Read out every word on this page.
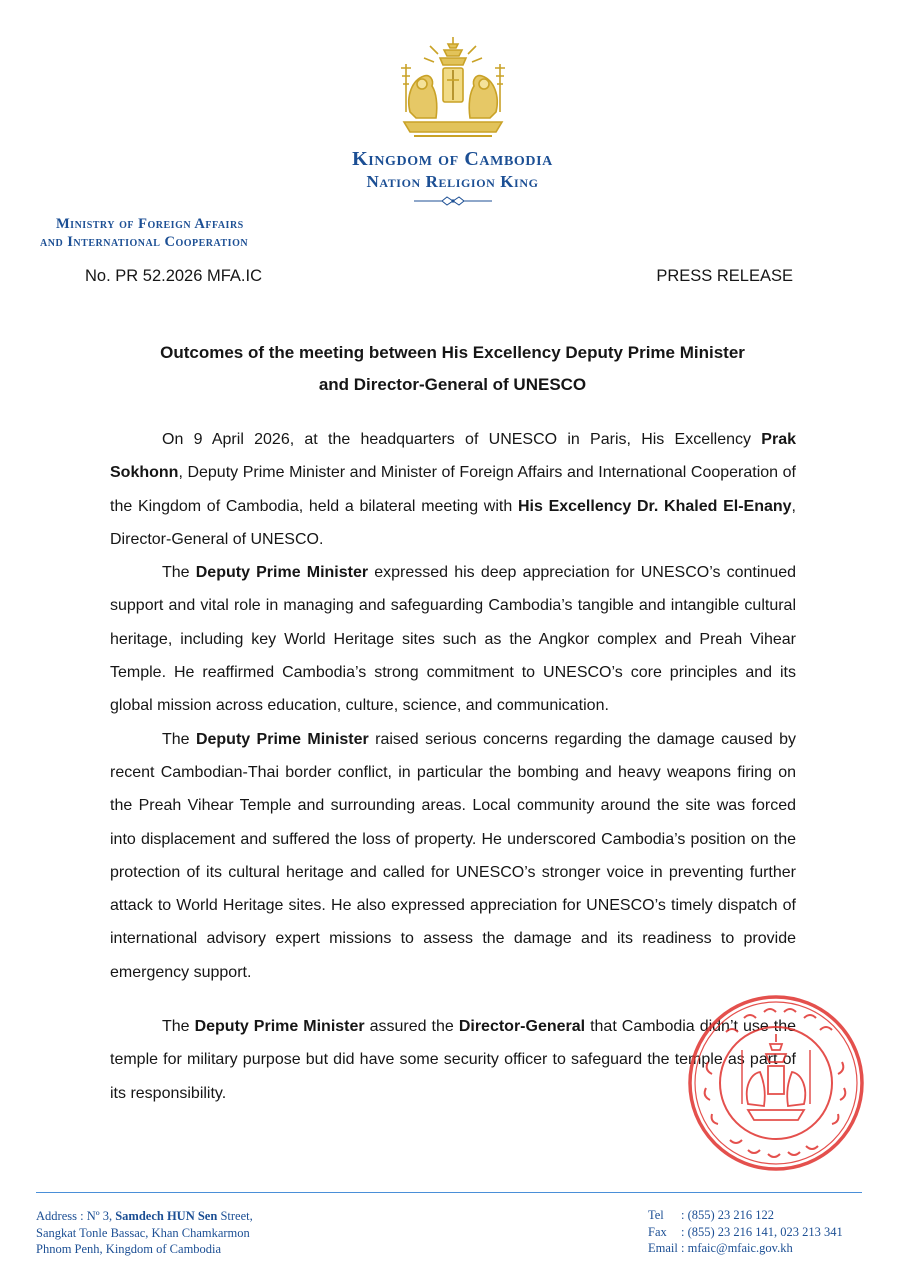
Kingdom of Cambodia
Nation Religion King
Ministry of Foreign Affairs
and International Cooperation
No. PR 52.2026 MFA.IC	PRESS RELEASE
Outcomes of the meeting between His Excellency Deputy Prime Minister
and Director-General of UNESCO

On 9 April 2026, at the headquarters of UNESCO in Paris, His Excellency Prak Sokhonn, Deputy Prime Minister and Minister of Foreign Affairs and International Cooperation of the Kingdom of Cambodia, held a bilateral meeting with His Excellency Dr. Khaled El-Enany, Director-General of UNESCO.

The Deputy Prime Minister expressed his deep appreciation for UNESCO’s continued support and vital role in managing and safeguarding Cambodia’s tangible and intangible cultural heritage, including key World Heritage sites such as the Angkor complex and Preah Vihear Temple. He reaffirmed Cambodia’s strong commitment to UNESCO’s core principles and its global mission across education, culture, science, and communication.

The Deputy Prime Minister raised serious concerns regarding the damage caused by recent Cambodian-Thai border conflict, in particular the bombing and heavy weapons firing on the Preah Vihear Temple and surrounding areas. Local community around the site was forced into displacement and suffered the loss of property. He underscored Cambodia’s position on the protection of its cultural heritage and called for UNESCO’s stronger voice in preventing further attack to World Heritage sites. He also expressed appreciation for UNESCO’s timely dispatch of international advisory expert missions to assess the damage and its readiness to provide emergency support.

The Deputy Prime Minister assured the Director-General that Cambodia didn’t use the temple for military purpose but did have some security officer to safeguard the temple as part of its responsibility.

Address : Nº 3, Samdech HUN Sen Street,
Sangkat Tonle Bassac, Khan Chamkarmon
Phnom Penh, Kingdom of Cambodia
Tel : (855) 23 216 122
Fax : (855) 23 216 141, 023 213 341
Email : mfaic@mfaic.gov.kh
